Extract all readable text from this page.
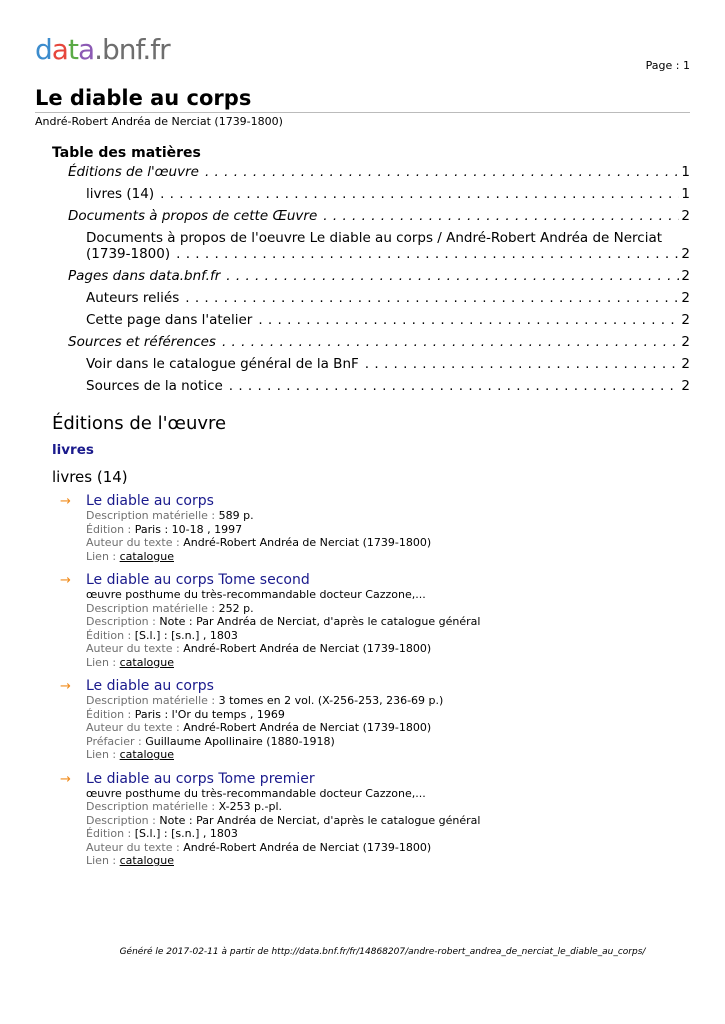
data.bnf.fr	Page : 1
Le diable au corps
André-Robert Andréa de Nerciat (1739-1800)
Table des matières
Éditions de l'œuvre . . .	1
livres (14) . . .	1
Documents à propos de cette Œuvre . . .	2
Documents à propos de l'oeuvre Le diable au corps / André-Robert Andréa de Nerciat
(1739-1800) . . .	2
Pages dans data.bnf.fr . . .	2
Auteurs reliés . . .	2
Cette page dans l'atelier . . .	2
Sources et références . . .	2
Voir dans le catalogue général de la BnF . . .	2
Sources de la notice . . .	2
Éditions de l'œuvre
livres
livres (14)
→ Le diable au corps
Description matérielle : 589 p.
Édition : Paris : 10-18 , 1997
Auteur du texte : André-Robert Andréa de Nerciat (1739-1800)
Lien : catalogue
→ Le diable au corps Tome second
œuvre posthume du très-recommandable docteur Cazzone,...
Description matérielle : 252 p.
Description : Note : Par Andréa de Nerciat, d'après le catalogue général
Édition : [S.l.] : [s.n.] , 1803
Auteur du texte : André-Robert Andréa de Nerciat (1739-1800)
Lien : catalogue
→ Le diable au corps
Description matérielle : 3 tomes en 2 vol. (X-256-253, 236-69 p.)
Édition : Paris : l'Or du temps , 1969
Auteur du texte : André-Robert Andréa de Nerciat (1739-1800)
Préfacier : Guillaume Apollinaire (1880-1918)
Lien : catalogue
→ Le diable au corps Tome premier
œuvre posthume du très-recommandable docteur Cazzone,...
Description matérielle : X-253 p.-pl.
Description : Note : Par Andréa de Nerciat, d'après le catalogue général
Édition : [S.l.] : [s.n.] , 1803
Auteur du texte : André-Robert Andréa de Nerciat (1739-1800)
Lien : catalogue
Généré le 2017-02-11 à partir de http://data.bnf.fr/fr/14868207/andre-robert_andrea_de_nerciat_le_diable_au_corps/
